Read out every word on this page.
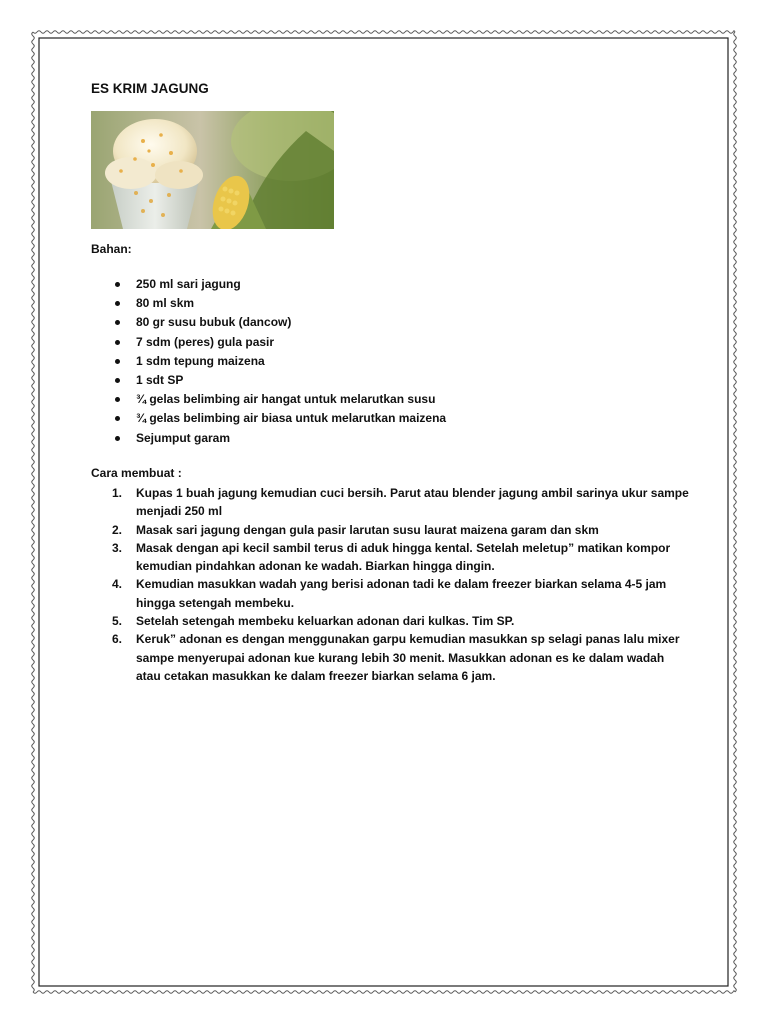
ES KRIM JAGUNG
Bahan:
250 ml sari jagung
80 ml skm
80 gr susu bubuk (dancow)
7 sdm (peres) gula pasir
1 sdm tepung maizena
1 sdt SP
¾ gelas belimbing air hangat untuk melarutkan susu
¾ gelas belimbing air biasa untuk melarutkan maizena
Sejumput garam
Cara membuat :
1. Kupas 1 buah jagung kemudian cuci bersih. Parut atau blender jagung ambil sarinya ukur sampe menjadi 250 ml
2. Masak sari jagung dengan gula pasir larutan susu laurat maizena garam dan skm
3. Masak dengan api kecil sambil terus di aduk hingga kental. Setelah meletup” matikan kompor kemudian pindahkan adonan ke wadah. Biarkan hingga dingin.
4. Kemudian masukkan wadah yang berisi adonan tadi ke dalam freezer biarkan selama 4-5 jam hingga setengah membeku.
5. Setelah setengah membeku keluarkan adonan dari kulkas. Tim SP.
6. Keruk” adonan es dengan menggunakan garpu kemudian masukkan sp selagi panas lalu mixer sampe menyerupai adonan kue kurang lebih 30 menit. Masukkan adonan es ke dalam wadah atau cetakan masukkan ke dalam freezer biarkan selama 6 jam.
